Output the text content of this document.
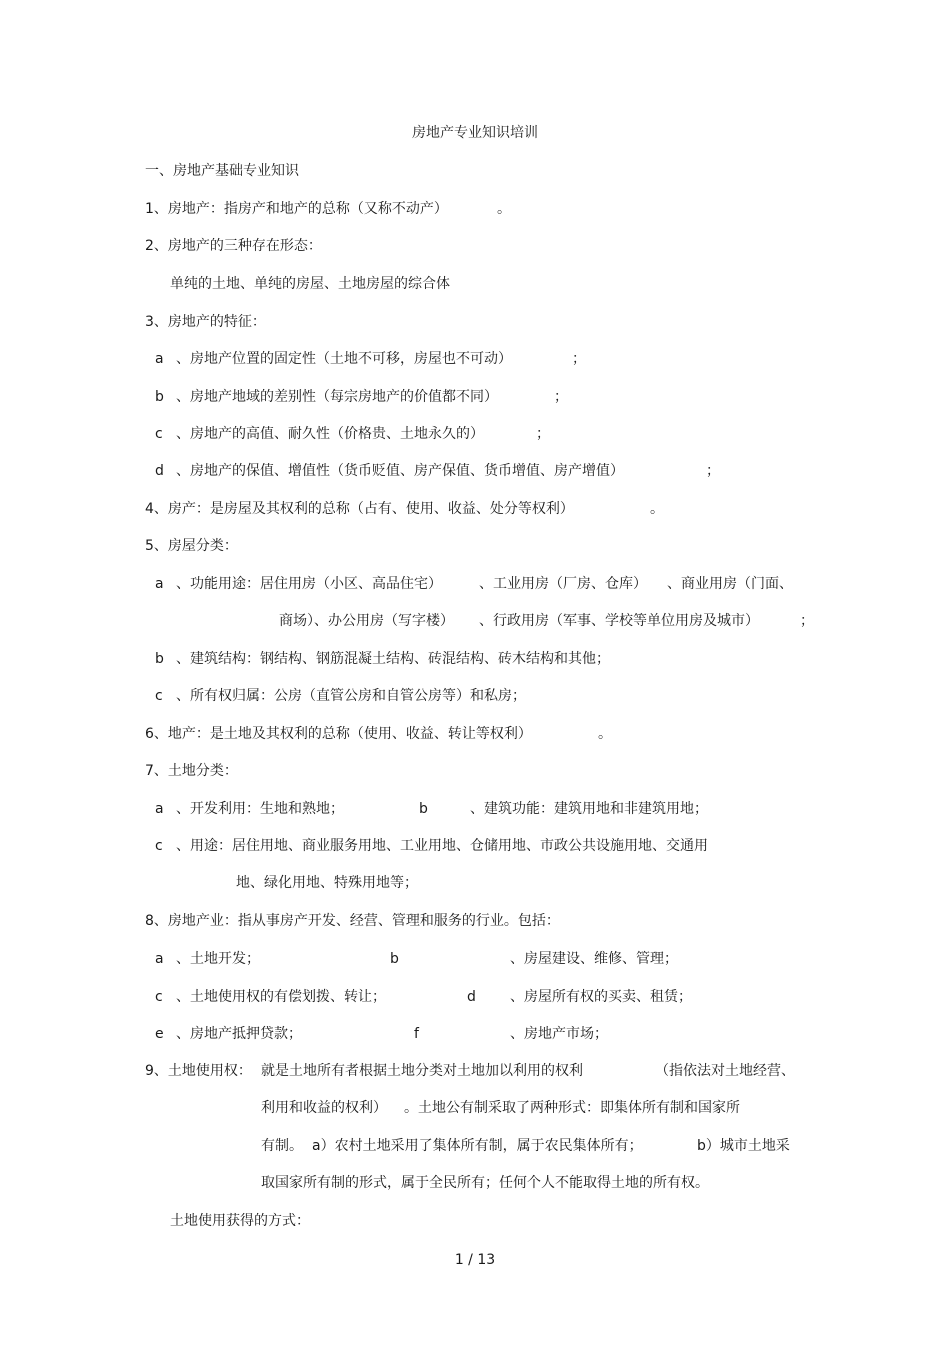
房地产专业知识培训
一、房地产基础专业知识
1、房地产：指房产和地产的总称（又称不动产）	。
2、房地产的三种存在形态：
单纯的土地、单纯的房屋、土地房屋的综合体
3、房地产的特征：
a 、房地产位置的固定性（土地不可移，房屋也不可动）	；
b 、房地产地域的差别性（每宗房地产的价值都不同）	；
c 、房地产的高值、耐久性（价格贵、土地永久的）	；
d 、房地产的保值、增值性（货币贬值、房产保值、货币增值、房产增值）	；
4、房产：是房屋及其权利的总称（占有、使用、收益、处分等权利）	。
5、房屋分类：
a 、功能用途：居住用房（小区、高品住宅）	、工业用房（厂房、仓库） 、商业用房（门面、
商场）、办公用房（写字楼） 、行政用房（军事、学校等单位用房及城市）	；
b 、建筑结构：钢结构、钢筋混凝土结构、砖混结构、砖木结构和其他；
c 、所有权归属：公房（直管公房和自管公房等）和私房；
6、地产：是土地及其权利的总称（使用、收益、转让等权利）	。
7、土地分类：
a 、开发利用：生地和熟地；	b	、建筑功能：建筑用地和非建筑用地；
c 、用途：居住用地、商业服务用地、工业用地、仓储用地、市政公共设施用地、交通用
地、绿化用地、特殊用地等；
8、房地产业：指从事房产开发、经营、管理和服务的行业。包括：
a 、土地开发；	b	、房屋建设、维修、管理；
c 、土地使用权的有偿划拨、转让；	d 、房屋所有权的买卖、租赁；
e 、房地产抵押贷款；	f	、房地产市场；
9、土地使用权： 就是土地所有者根据土地分类对土地加以利用的权利	（指依法对土地经营、
利用和收益的权利） 。土地公有制采取了两种形式：即集体所有制和国家所
有制。 a）农村土地采用了集体所有制，属于农民集体所有；	b）城市土地采
取国家所有制的形式，属于全民所有；任何个人不能取得土地的所有权。
土地使用获得的方式：
1 / 13
